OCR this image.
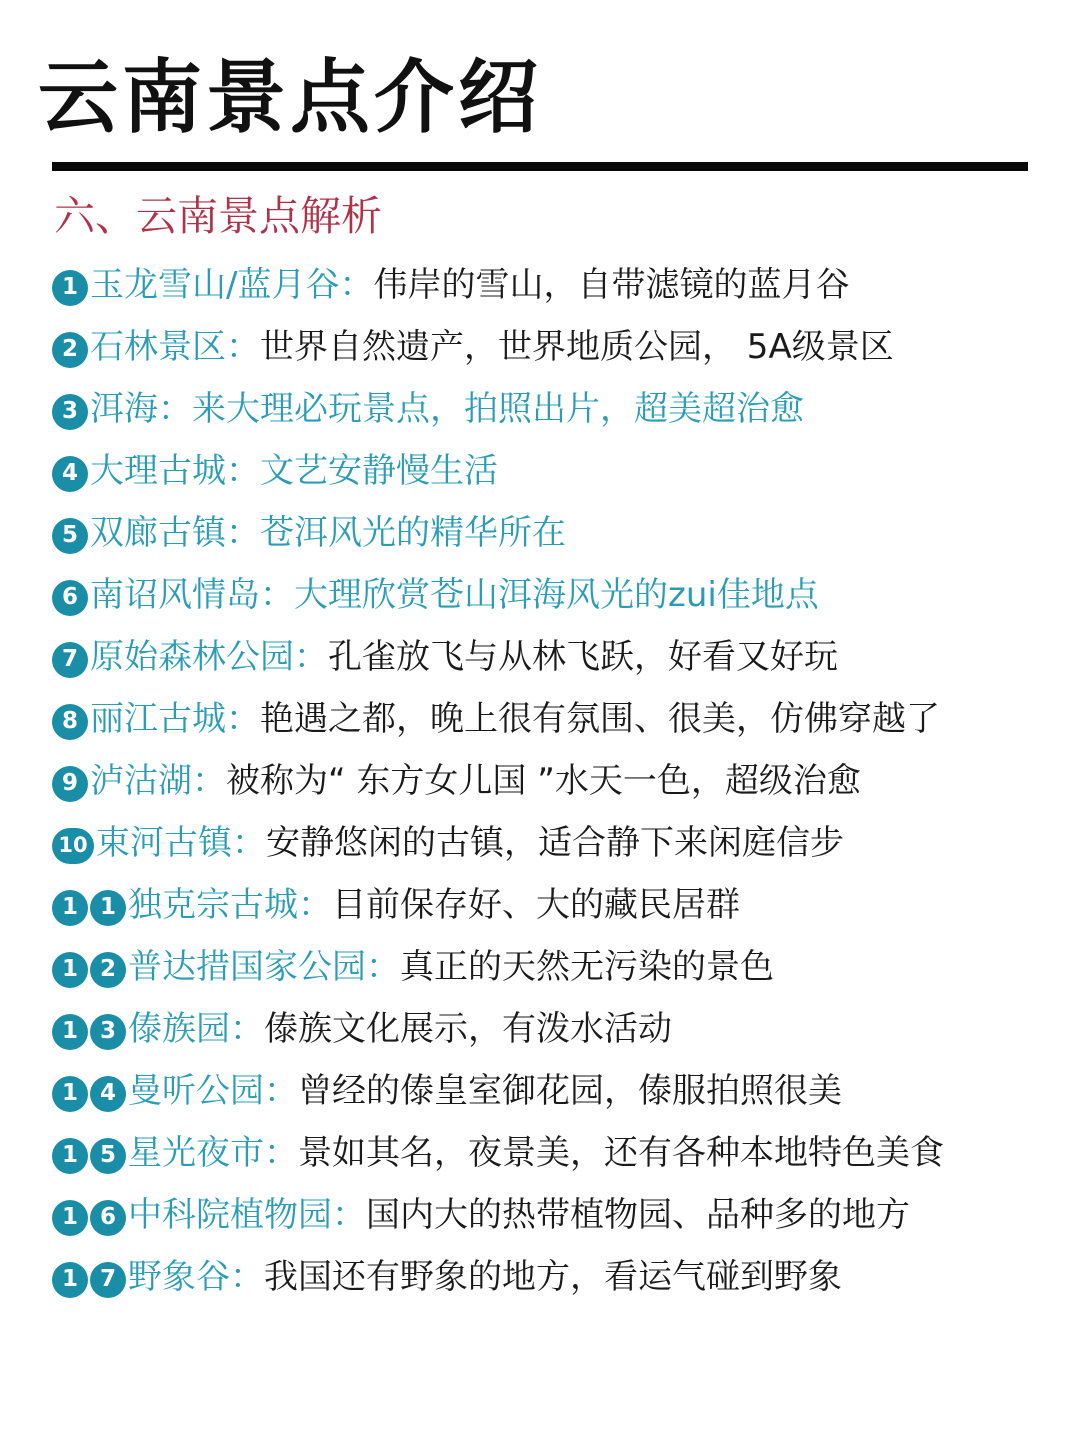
云南景点介绍
六、云南景点解析
1 玉龙雪山/蓝月谷：伟岸的雪山，自带滤镜的蓝月谷
2 石林景区：世界自然遗产，世界地质公园， 5A级景区
3 洱海：来大理必玩景点，拍照出片，超美超治愈
4 大理古城：文艺安静慢生活
5 双廊古镇：苍洱风光的精华所在
6 南诏风情岛：大理欣赏苍山洱海风光的zui佳地点
7 原始森林公园：孔雀放飞与从林飞跃，好看又好玩
8 丽江古城：艳遇之都，晚上很有氛围、很美，仿佛穿越了
9 泸沽湖：被称为“ 东方女儿国 ”水天一色，超级治愈
10 束河古镇：安静悠闲的古镇，适合静下来闲庭信步
1 1 独克宗古城：目前保存好、大的藏民居群
1 2 普达措国家公园：真正的天然无污染的景色
1 3 傣族园：傣族文化展示，有泼水活动
1 4 曼听公园：曾经的傣皇室御花园，傣服拍照很美
1 5 星光夜市：景如其名，夜景美，还有各种本地特色美食
1 6 中科院植物园：国内大的热带植物园、品种多的地方
1 7 野象谷：我国还有野象的地方，看运气碰到野象
